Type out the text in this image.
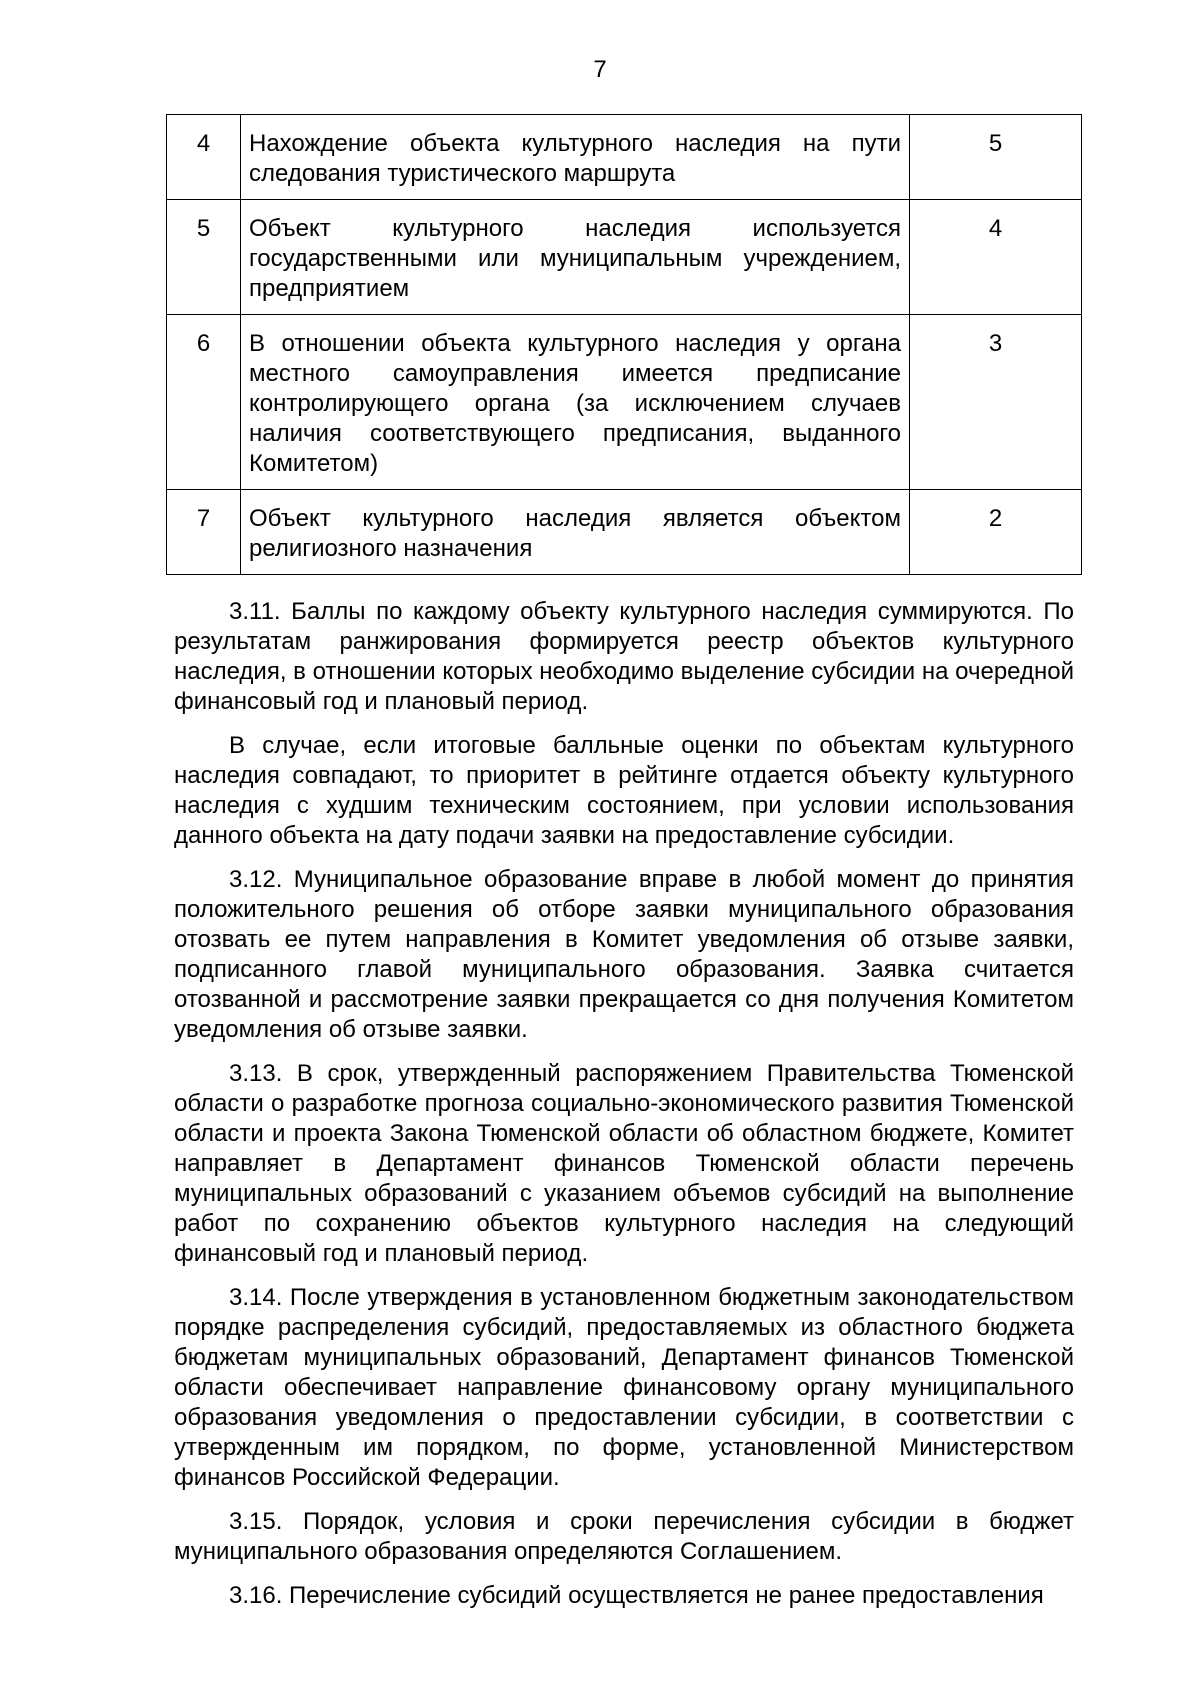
7
4	Нахождение объекта культурного наследия на пути следования туристического маршрута	5
5	Объект культурного наследия используется государственными или муниципальным учреждением, предприятием	4
6	В отношении объекта культурного наследия у органа местного самоуправления имеется предписание контролирующего органа (за исключением случаев наличия соответствующего предписания, выданного Комитетом)	3
7	Объект культурного наследия является объектом религиозного назначения	2

3.11. Баллы по каждому объекту культурного наследия суммируются. По результатам ранжирования формируется реестр объектов культурного наследия, в отношении которых необходимо выделение субсидии на очередной финансовый год и плановый период.

В случае, если итоговые балльные оценки по объектам культурного наследия совпадают, то приоритет в рейтинге отдается объекту культурного наследия с худшим техническим состоянием, при условии использования данного объекта на дату подачи заявки на предоставление субсидии.

3.12. Муниципальное образование вправе в любой момент до принятия положительного решения об отборе заявки муниципального образования отозвать ее путем направления в Комитет уведомления об отзыве заявки, подписанного главой муниципального образования. Заявка считается отозванной и рассмотрение заявки прекращается со дня получения Комитетом уведомления об отзыве заявки.

3.13. В срок, утвержденный распоряжением Правительства Тюменской области о разработке прогноза социально-экономического развития Тюменской области и проекта Закона Тюменской области об областном бюджете, Комитет направляет в Департамент финансов Тюменской области перечень муниципальных образований с указанием объемов субсидий на выполнение работ по сохранению объектов культурного наследия на следующий финансовый год и плановый период.

3.14. После утверждения в установленном бюджетным законодательством порядке распределения субсидий, предоставляемых из областного бюджета бюджетам муниципальных образований, Департамент финансов Тюменской области обеспечивает направление финансовому органу муниципального образования уведомления о предоставлении субсидии, в соответствии с утвержденным им порядком, по форме, установленной Министерством финансов Российской Федерации.

3.15. Порядок, условия и сроки перечисления субсидии в бюджет муниципального образования определяются Соглашением.

3.16. Перечисление субсидий осуществляется не ранее предоставления
